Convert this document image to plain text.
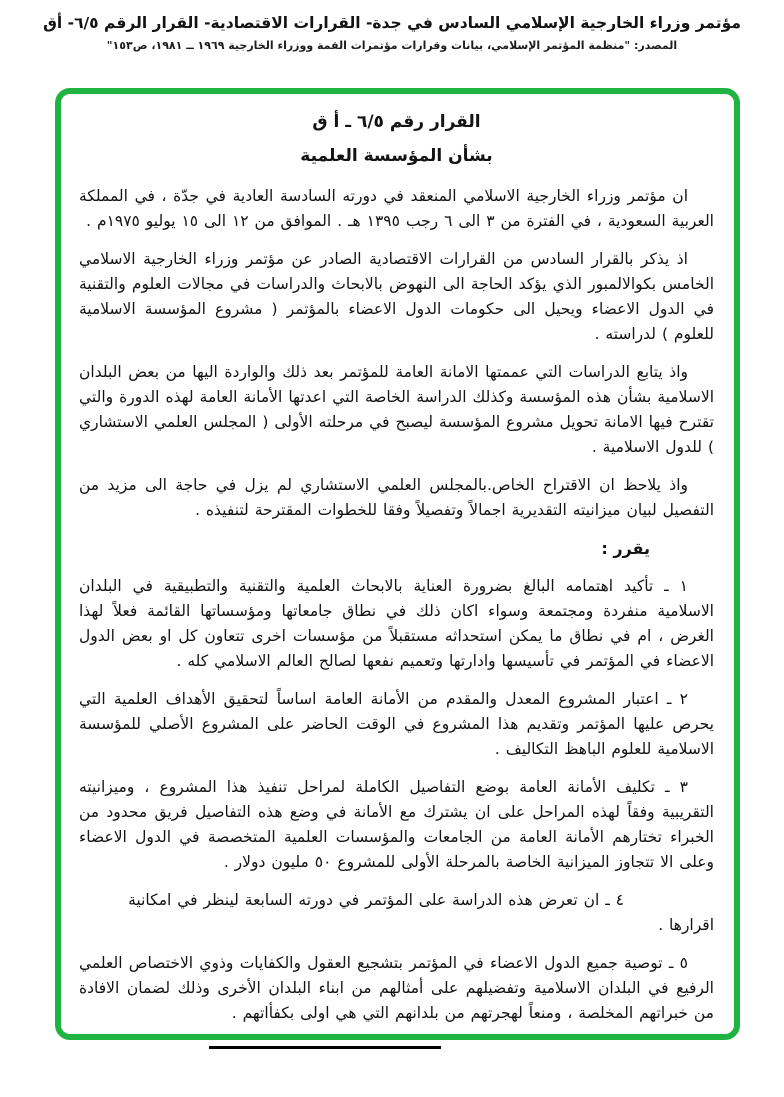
مؤتمر وزراء الخارجية الإسلامي السادس في جدة- القرارات الاقتصادية- القرار الرقم ٦/٥- أق
المصدر: "منظمة المؤتمر الإسلامي، بيانات وقرارات مؤتمرات القمة ووزراء الخارجية ١٩٦٩ ــ ١٩٨١، ص١٥٣"
القرار رقم ٦/٥ ـ أ ق
بشأن المؤسسة العلمية

ان مؤتمر وزراء الخارجية الاسلامي المنعقد في دورته السادسة العادية في جدّة ، في المملكة العربية السعودية ، في الفترة من ٣ الى ٦ رجب ١٣٩٥ هـ . الموافق من ١٢ الى ١٥ يوليو ١٩٧٥م .

اذ يذكر بالقرار السادس من القرارات الاقتصادية الصادر عن مؤتمر وزراء الخارجية الاسلامي الخامس بكوالالمبور الذي يؤكد الحاجة الى النهوض بالابحاث والدراسات في مجالات العلوم والتقنية في الدول الاعضاء ويحيل الى حكومات الدول الاعضاء بالمؤتمر ( مشروع المؤسسة الاسلامية للعلوم ) لدراسته .

واذ يتابع الدراسات التي عممتها الامانة العامة للمؤتمر بعد ذلك والواردة اليها من بعض البلدان الاسلامية بشأن هذه المؤسسة وكذلك الدراسة الخاصة التي اعدتها الأمانة العامة لهذه الدورة والتي تقترح فيها الامانة تحويل مشروع المؤسسة ليصبح في مرحلته الأولى ( المجلس العلمي الاستشاري ) للدول الاسلامية .

واذ يلاحظ ان الاقتراح الخاص.بالمجلس العلمي الاستشاري لم يزل في حاجة الى مزيد من التفصيل لبيان ميزانيته التقديرية اجمالاً وتفصيلاً وفقا للخطوات المقترحة لتنفيذه .

يقرر :

١ ـ تأكيد اهتمامه البالغ بضرورة العناية بالابحاث العلمية والتقنية والتطبيقية في البلدان الاسلامية منفردة ومجتمعة وسواء اكان ذلك في نطاق جامعاتها ومؤسساتها القائمة فعلاً لهذا الغرض ، ام في نطاق ما يمكن استحداثه مستقبلاً من مؤسسات اخرى تتعاون كل او بعض الدول الاعضاء في المؤتمر في تأسيسها وادارتها وتعميم نفعها لصالح العالم الاسلامي كله .

٢ ـ اعتبار المشروع المعدل والمقدم من الأمانة العامة اساساً لتحقيق الأهداف العلمية التي يحرص عليها المؤتمر وتقديم هذا المشروع في الوقت الحاضر على المشروع الأصلي للمؤسسة الاسلامية للعلوم الباهظ التكاليف .

٣ ـ تكليف الأمانة العامة بوضع التفاصيل الكاملة لمراحل تنفيذ هذا المشروع ، وميزانيته التقريبية وفقاً لهذه المراحل على ان يشترك مع الأمانة في وضع هذه التفاصيل فريق محدود من الخبراء تختارهم الأمانة العامة من الجامعات والمؤسسات العلمية المتخصصة في الدول الاعضاء وعلى الا تتجاوز الميزانية الخاصة بالمرحلة الأولى للمشروع ٥٠ مليون دولار .

٤ ـ ان تعرض هذه الدراسة على المؤتمر في دورته السابعة لينظر في امكانية اقرارها .

٥ ـ توصية جميع الدول الاعضاء في المؤتمر بتشجيع العقول والكفايات وذوي الاختصاص العلمي الرفيع في البلدان الاسلامية وتفضيلهم على أمثالهم من ابناء البلدان الأخرى وذلك لضمان الافادة من خبراتهم المخلصة ، ومنعاً لهجرتهم من بلدانهم التي هي اولى بكفأاتهم .
